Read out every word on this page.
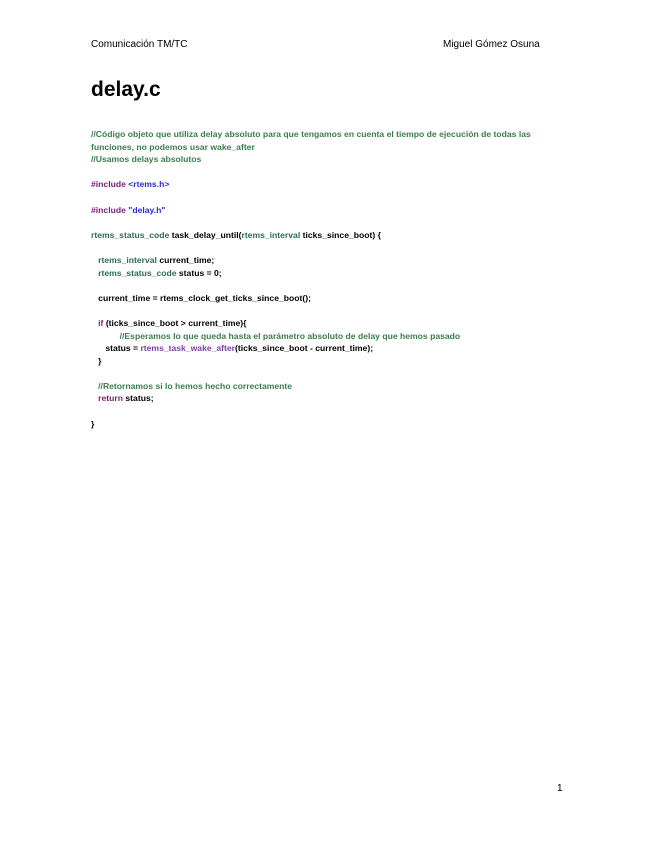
Comunicación TM/TC	Miguel Gómez Osuna
delay.c
//Código objeto que utiliza delay absoluto para que tengamos en cuenta el tiempo de ejecución de todas las funciones, no podemos usar wake_after
//Usamos delays absolutos
#include <rtems.h>
#include "delay.h"
rtems_status_code task_delay_until(rtems_interval ticks_since_boot) {
rtems_interval current_time;
rtems_status_code status = 0;
current_time = rtems_clock_get_ticks_since_boot();
if (ticks_since_boot > current_time){
//Esperamos lo que queda hasta el parámetro absoluto de delay que hemos pasado
status = rtems_task_wake_after(ticks_since_boot - current_time);
}
//Retornamos si lo hemos hecho correctamente
return status;
}
1
